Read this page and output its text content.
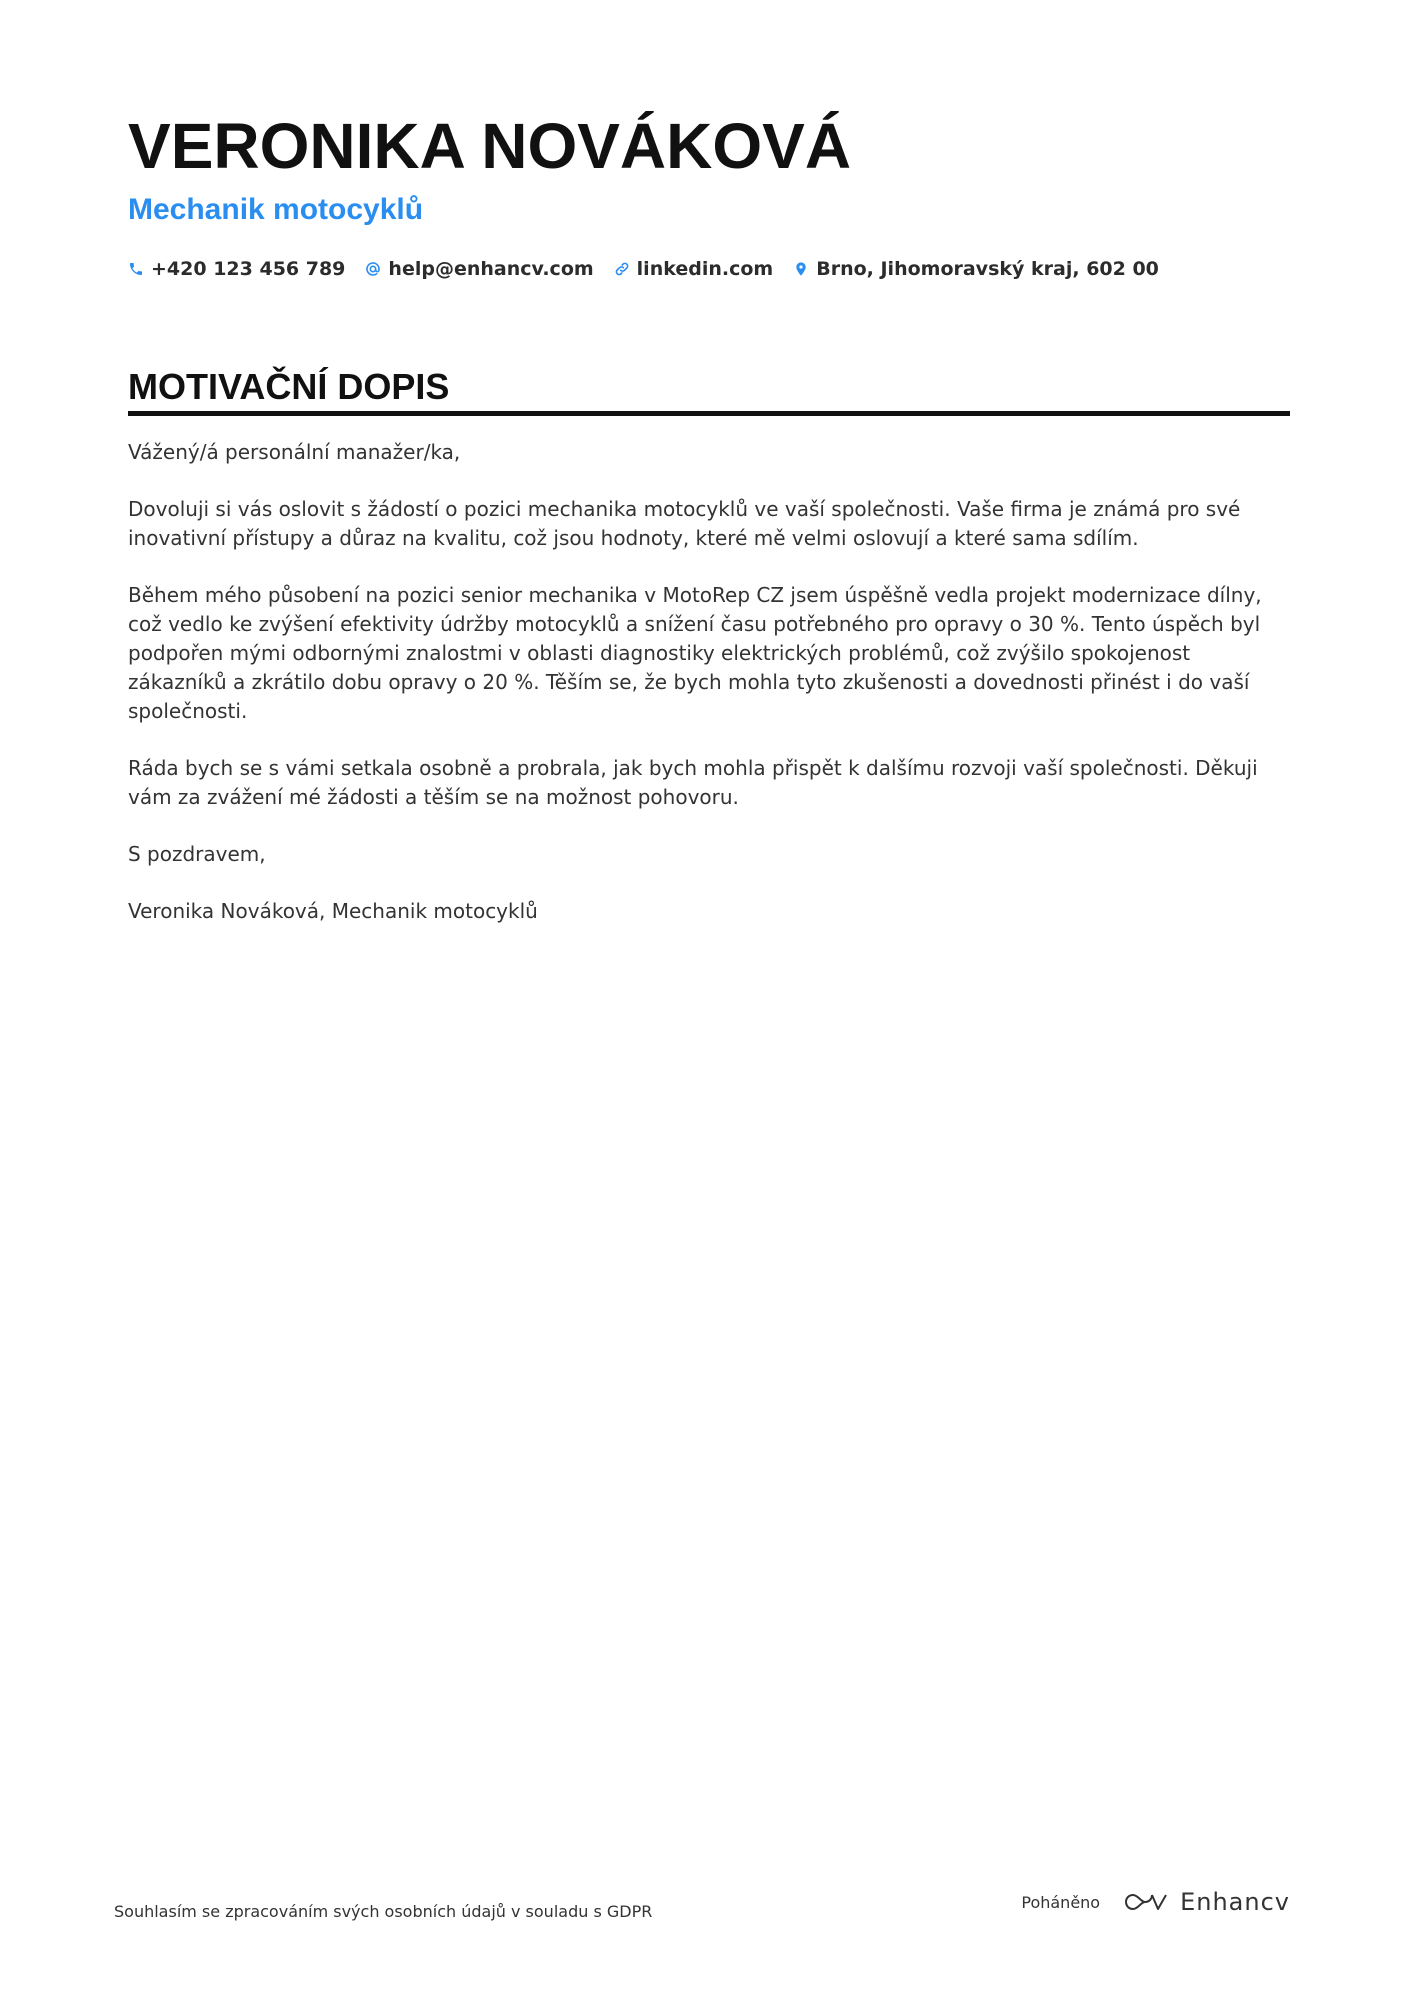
VERONIKA NOVÁKOVÁ
Mechanik motocyklů
+420 123 456 789 help@enhancv.com linkedin.com Brno, Jihomoravský kraj, 602 00
MOTIVAČNÍ DOPIS

Vážený/á personální manažer/ka,

Dovoluji si vás oslovit s žádostí o pozici mechanika motocyklů ve vaší společnosti. Vaše firma je známá pro své inovativní přístupy a důraz na kvalitu, což jsou hodnoty, které mě velmi oslovují a které sama sdílím.

Během mého působení na pozici senior mechanika v MotoRep CZ jsem úspěšně vedla projekt modernizace dílny, což vedlo ke zvýšení efektivity údržby motocyklů a snížení času potřebného pro opravy o 30 %. Tento úspěch byl podpořen mými odbornými znalostmi v oblasti diagnostiky elektrických problémů, což zvýšilo spokojenost zákazníků a zkrátilo dobu opravy o 20 %. Těším se, že bych mohla tyto zkušenosti a dovednosti přinést i do vaší společnosti.

Ráda bych se s vámi setkala osobně a probrala, jak bych mohla přispět k dalšímu rozvoji vaší společnosti. Děkuji vám za zvážení mé žádosti a těším se na možnost pohovoru.

S pozdravem,

Veronika Nováková, Mechanik motocyklů

Souhlasím se zpracováním svých osobních údajů v souladu s GDPR	Poháněno	Enhancv
